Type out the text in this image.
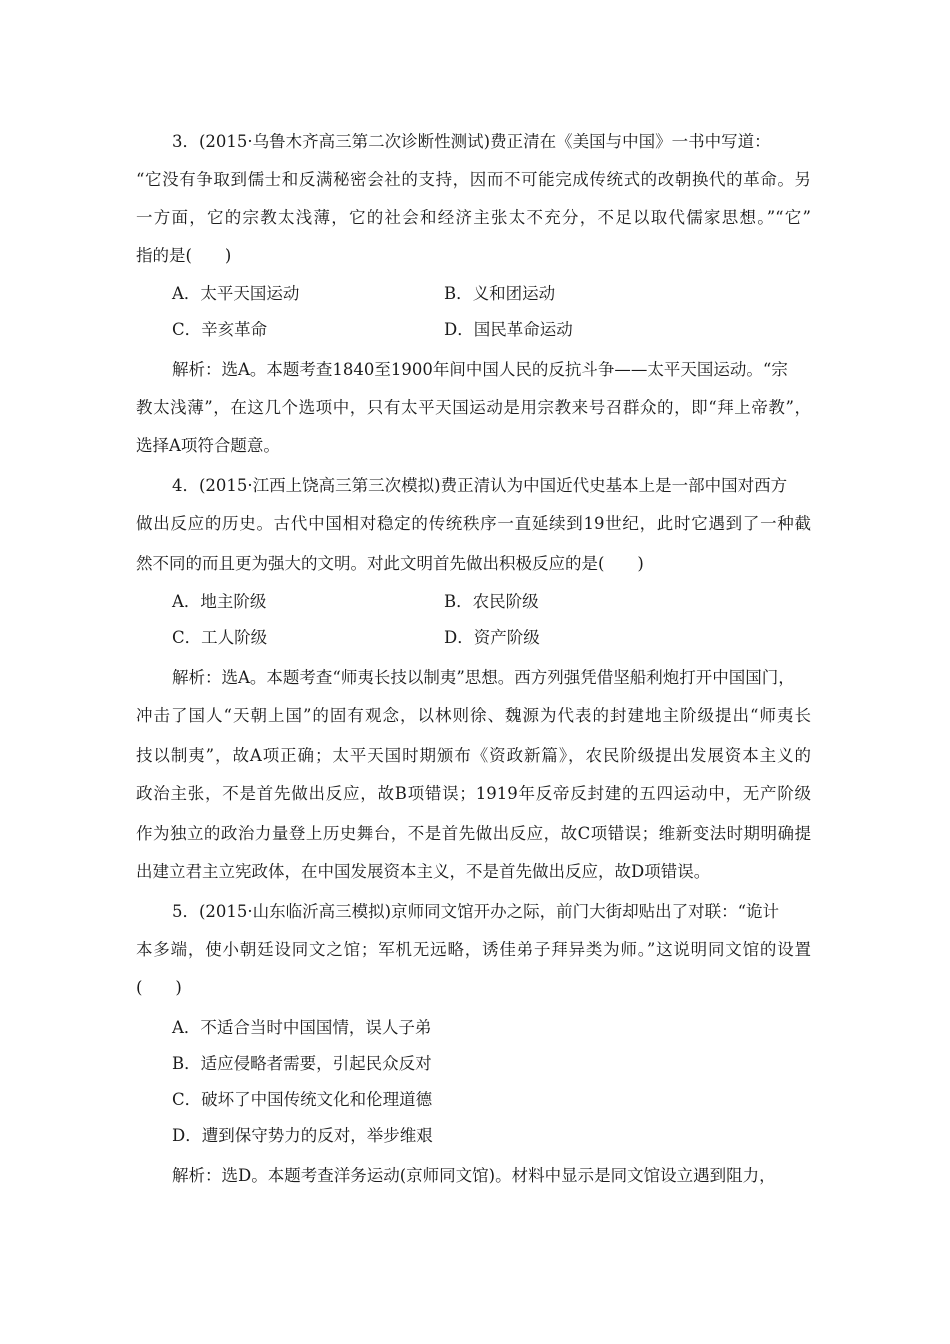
3．(2015·乌鲁木齐高三第二次诊断性测试)费正清在《美国与中国》一书中写道：
“它没有争取到儒士和反满秘密会社的支持，因而不可能完成传统式的改朝换代的革命。另
一方面，它的宗教太浅薄，它的社会和经济主张太不充分，不足以取代儒家思想。”“它”
指的是(　　)
A．太平天国运动	B．义和团运动
C．辛亥革命	D．国民革命运动
解析：选A。本题考查1840至1900年间中国人民的反抗斗争——太平天国运动。“宗
教太浅薄”，在这几个选项中，只有太平天国运动是用宗教来号召群众的，即“拜上帝教”，
选择A项符合题意。
4．(2015·江西上饶高三第三次模拟)费正清认为中国近代史基本上是一部中国对西方
做出反应的历史。古代中国相对稳定的传统秩序一直延续到19世纪，此时它遇到了一种截
然不同的而且更为强大的文明。对此文明首先做出积极反应的是(　　)
A．地主阶级	B．农民阶级
C．工人阶级	D．资产阶级
解析：选A。本题考查“师夷长技以制夷”思想。西方列强凭借坚船利炮打开中国国门，
冲击了国人“天朝上国”的固有观念，以林则徐、魏源为代表的封建地主阶级提出“师夷长
技以制夷”，故A项正确；太平天国时期颁布《资政新篇》，农民阶级提出发展资本主义的
政治主张，不是首先做出反应，故B项错误；1919年反帝反封建的五四运动中，无产阶级
作为独立的政治力量登上历史舞台，不是首先做出反应，故C项错误；维新变法时期明确提
出建立君主立宪政体，在中国发展资本主义，不是首先做出反应，故D项错误。
5．(2015·山东临沂高三模拟)京师同文馆开办之际，前门大街却贴出了对联：“诡计
本多端，使小朝廷设同文之馆；军机无远略，诱佳弟子拜异类为师。”这说明同文馆的设置
(　　)
A．不适合当时中国国情，误人子弟
B．适应侵略者需要，引起民众反对
C．破坏了中国传统文化和伦理道德
D．遭到保守势力的反对，举步维艰
解析：选D。本题考查洋务运动(京师同文馆)。材料中显示是同文馆设立遇到阻力，
